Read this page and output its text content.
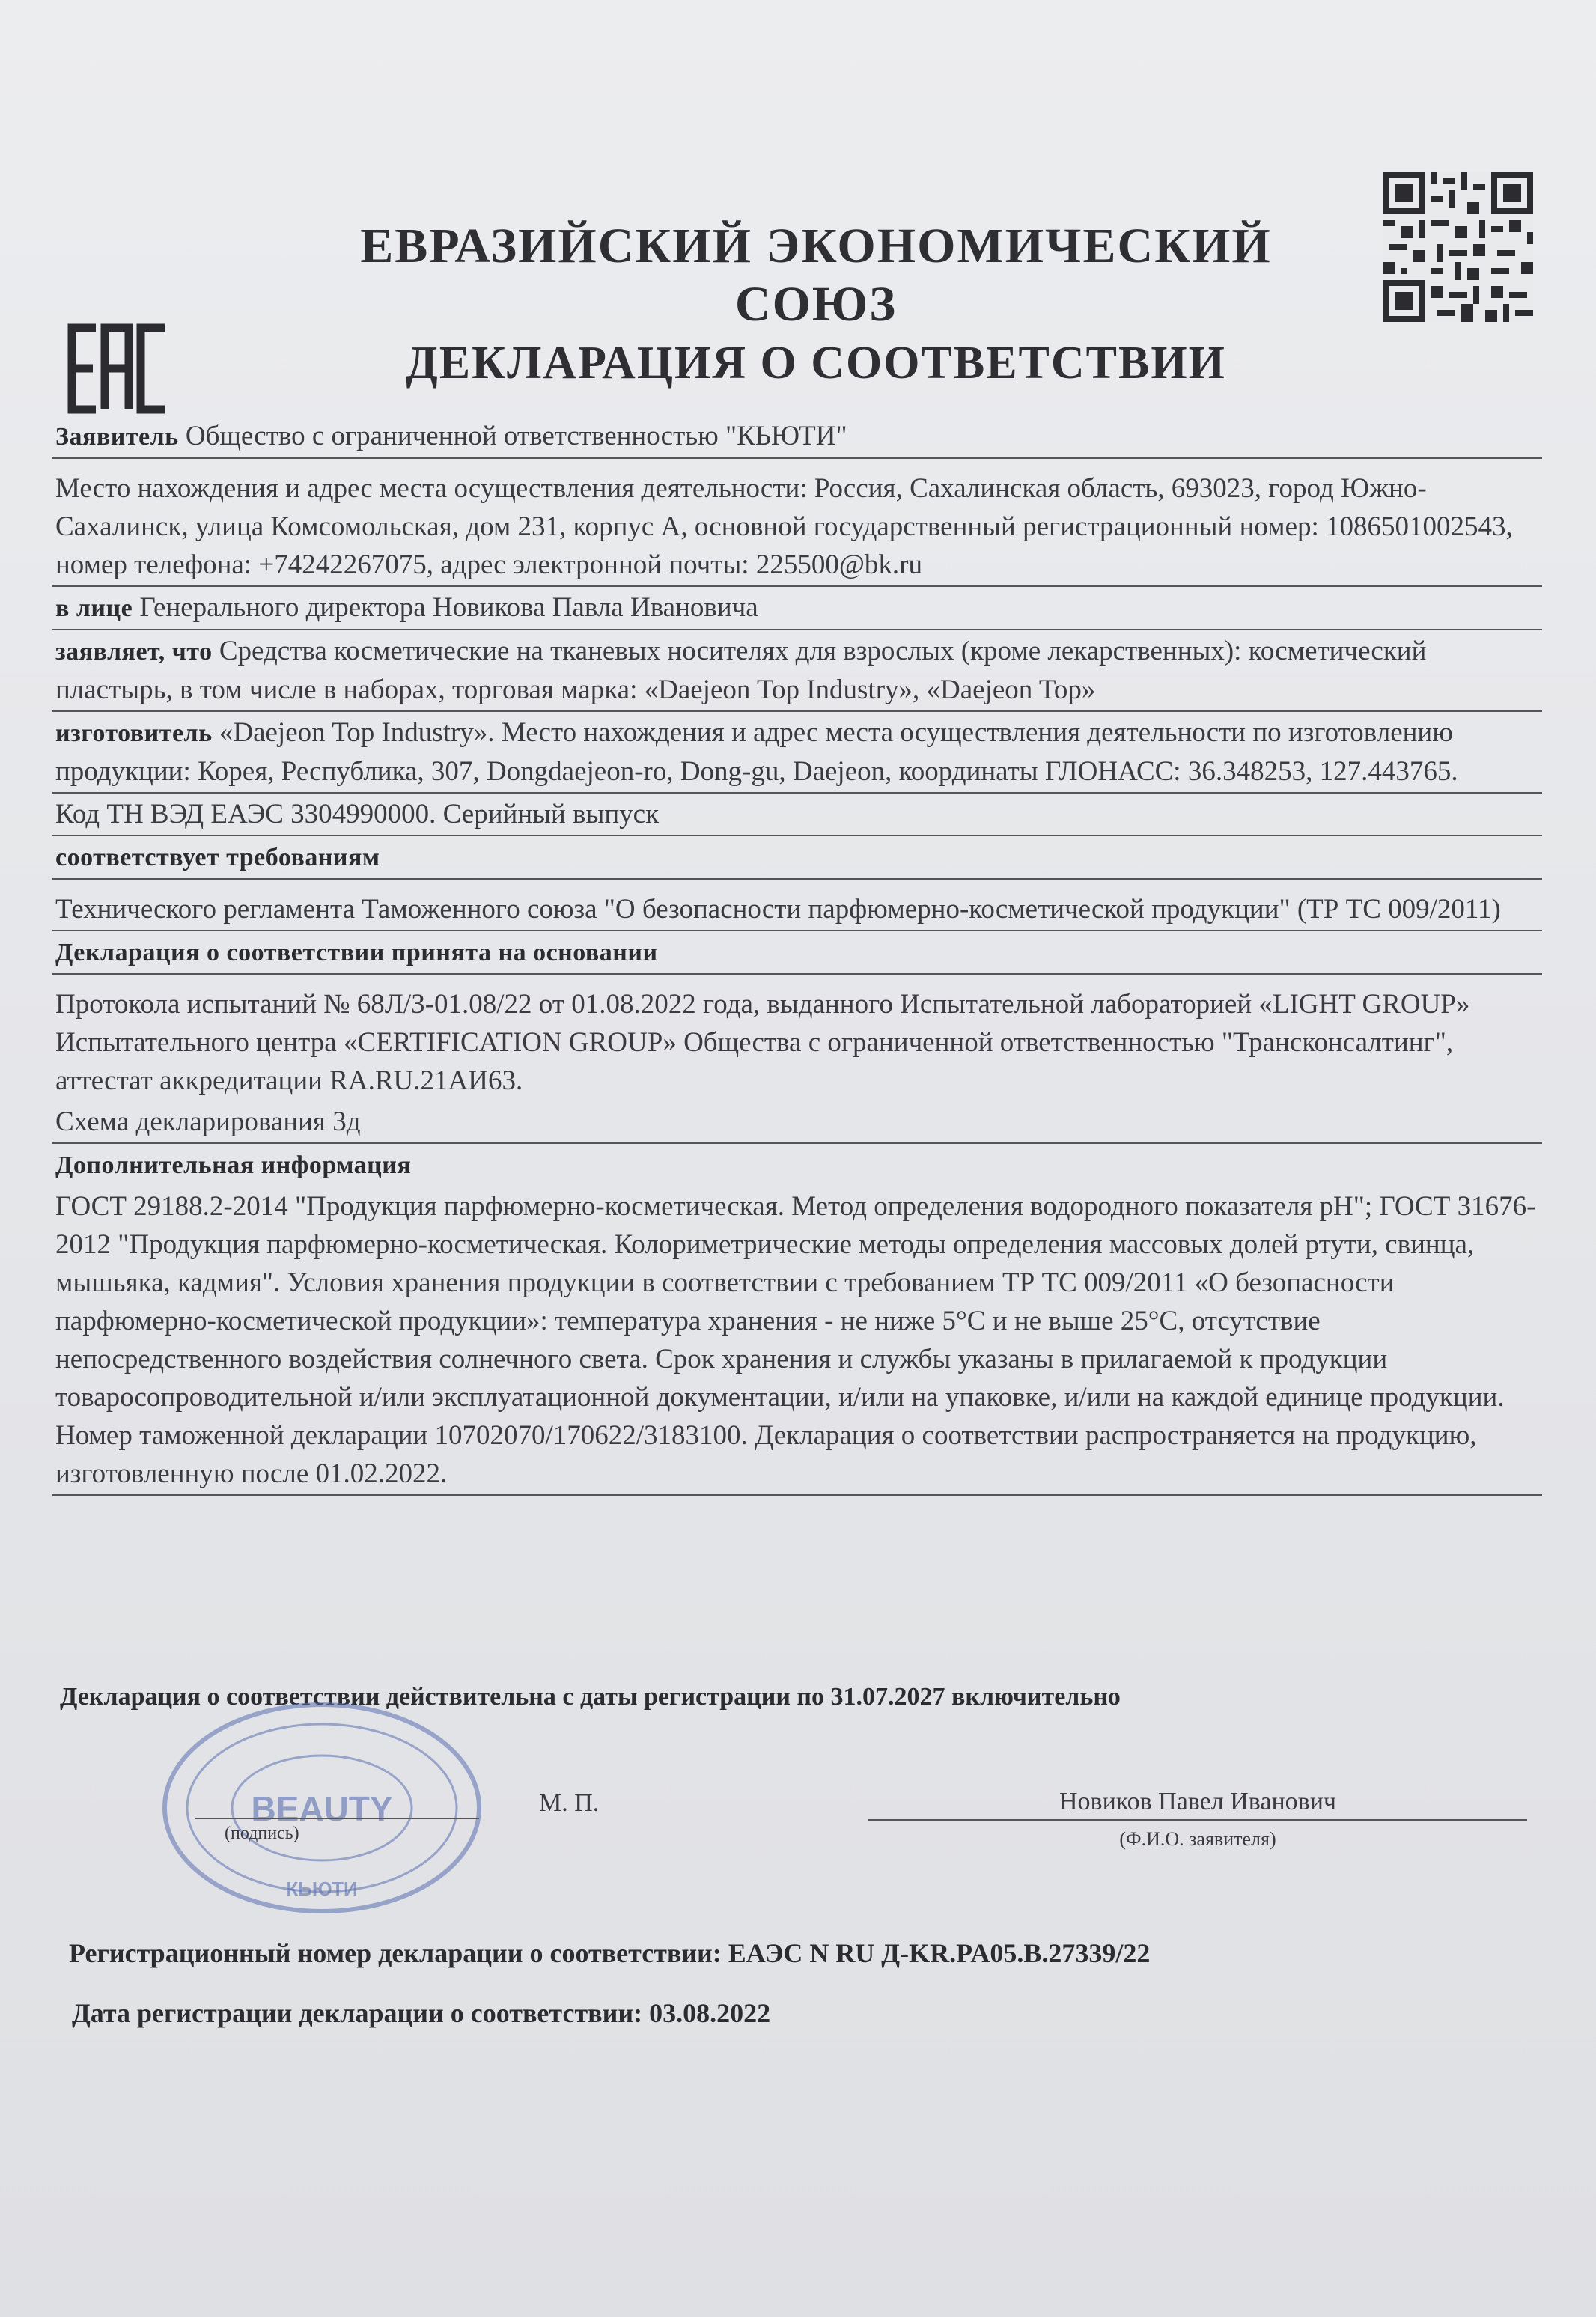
ЕВРАЗИЙСКИЙ ЭКОНОМИЧЕСКИЙ СОЮЗ
ДЕКЛАРАЦИЯ О СООТВЕТСТВИИ
Заявитель Общество с ограниченной ответственностью "КЬЮТИ"
Место нахождения и адрес места осуществления деятельности: Россия, Сахалинская область, 693023, город Южно-Сахалинск, улица Комсомольская, дом 231, корпус А, основной государственный регистрационный номер: 1086501002543, номер телефона: +74242267075, адрес электронной почты: 225500@bk.ru
в лице Генерального директора Новикова Павла Ивановича
заявляет, что Средства косметические на тканевых носителях для взрослых (кроме лекарственных): косметический пластырь, в том числе в наборах, торговая марка: «Daejeon Top Industry», «Daejeon Top»
изготовитель «Daejeon Top Industry». Место нахождения и адрес места осуществления деятельности по изготовлению продукции: Корея, Республика, 307, Dongdaejeon-ro, Dong-gu, Daejeon, координаты ГЛОНАСС: 36.348253, 127.443765.
Код ТН ВЭД ЕАЭС 3304990000. Серийный выпуск
соответствует требованиям
Технического регламента Таможенного союза "О безопасности парфюмерно-косметической продукции" (ТР ТС 009/2011)
Декларация о соответствии принята на основании
Протокола испытаний № 68Л/З-01.08/22 от 01.08.2022 года, выданного Испытательной лабораторией «LIGHT GROUP» Испытательного центра «CERTIFICATION GROUP» Общества с ограниченной ответственностью "Трансконсалтинг", аттестат аккредитации RA.RU.21АИ63.
Схема декларирования 3д
Дополнительная информация
ГОСТ 29188.2-2014 "Продукция парфюмерно-косметическая. Метод определения водородного показателя pH"; ГОСТ 31676-2012 "Продукция парфюмерно-косметическая. Колориметрические методы определения массовых долей ртути, свинца, мышьяка, кадмия". Условия хранения продукции в соответствии с требованием ТР ТС 009/2011 «О безопасности парфюмерно-косметической продукции»: температура хранения - не ниже 5°С и не выше 25°С, отсутствие непосредственного воздействия солнечного света. Срок хранения и службы указаны в прилагаемой к продукции товаросопроводительной и/или эксплуатационной документации, и/или на упаковке, и/или на каждой единице продукции. Номер таможенной декларации 10702070/170622/3183100. Декларация о соответствии распространяется на продукцию, изготовленную после 01.02.2022.
Декларация о соответствии действительна с даты регистрации по 31.07.2027 включительно
BEAUTY
КЬЮТИ
(подпись)
М. П.	Новиков Павел Иванович
(Ф.И.О. заявителя)
Регистрационный номер декларации о соответствии: ЕАЭС N RU Д-KR.PA05.B.27339/22
Дата регистрации декларации о соответствии: 03.08.2022
